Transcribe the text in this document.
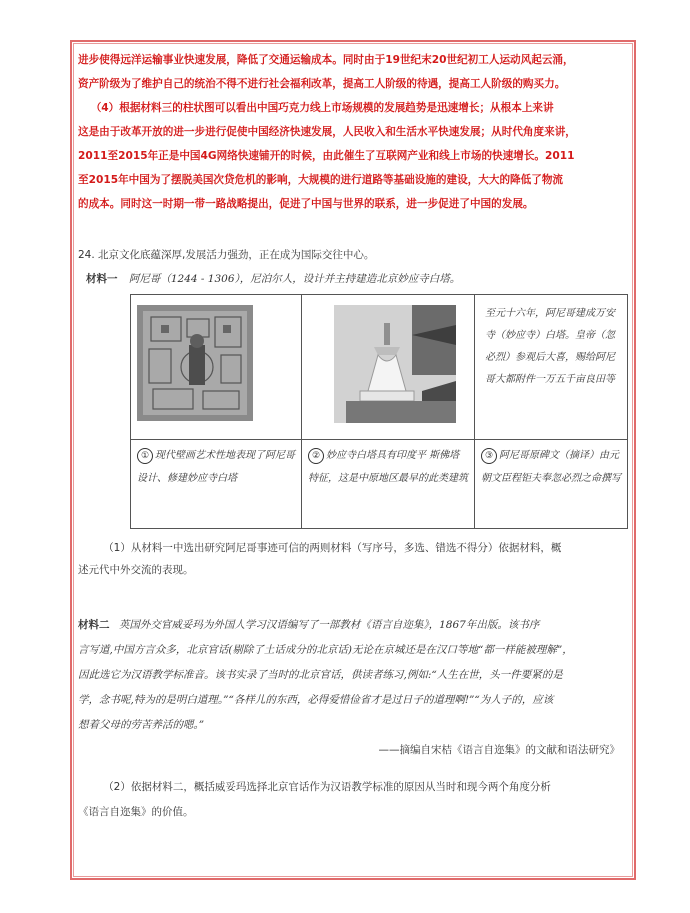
进步使得远洋运输事业快速发展，降低了交通运输成本。同时由于19世纪末20世纪初工人运动风起云涌，

资产阶级为了维护自己的统治不得不进行社会福利改革，提高工人阶级的待遇，提高工人阶级的购买力。

（4）根据材料三的柱状图可以看出中国巧克力线上市场规模的发展趋势是迅速增长；从根本上来讲

这是由于改革开放的进一步进行促使中国经济快速发展，人民收入和生活水平快速发展；从时代角度来讲，

2011至2015年正是中国4G网络快速铺开的时候，由此催生了互联网产业和线上市场的快速增长。2011

至2015年中国为了摆脱美国次贷危机的影响，大规模的进行道路等基础设施的建设，大大的降低了物流

的成本。同时这一时期一带一路战略提出，促进了中国与世界的联系，进一步促进了中国的发展。

24. 北京文化底蕴深厚,发展活力强劲，正在成为国际交往中心。

材料一 阿尼哥（1244 - 1306），尼泊尔人，设计并主持建造北京妙应寺白塔。

		至元十六年，阿尼哥建成万安寺（妙应寺）白塔。皇帝（忽必烈）参观后大喜，赐给阿尼哥大都附件一万五千亩良田等
① 现代壁画艺术性地表现了阿尼哥设计、修建妙应寺白塔	② 妙应寺白塔具有印度平 斯佛塔特征，这是中原地区最早的此类建筑	③ 阿尼哥原碑文（摘译）由元朝文臣程钜夫奉忽必烈之命撰写

（1）从材料一中选出研究阿尼哥事迹可信的两则材料（写序号，多选、错选不得分）依据材料，概

述元代中外交流的表现。

材料二 英国外交官威妥玛为外国人学习汉语编写了一部教材《语言自迩集》，1867年出版。该书序

言写道,中国方言众多，北京官话(剔除了土话成分的北京话)无论在京城还是在汉口等地“都一样能被理解”，

因此选它为汉语教学标准音。该书实录了当时的北京官话，供读者练习,例如:“人生在世，头一件要紧的是

学，念书呢,特为的是明白道理。”“各样儿的东西，必得爱惜俭省才是过日子的道理啊!”“为人子的，应该

想着父母的劳苦养活的嗯。”

——摘编自宋桔《语言自迩集》的文献和语法研究》

（2）依据材料二，概括威妥玛选择北京官话作为汉语教学标准的原因从当时和现今两个角度分析

《语言自迩集》的价值。
